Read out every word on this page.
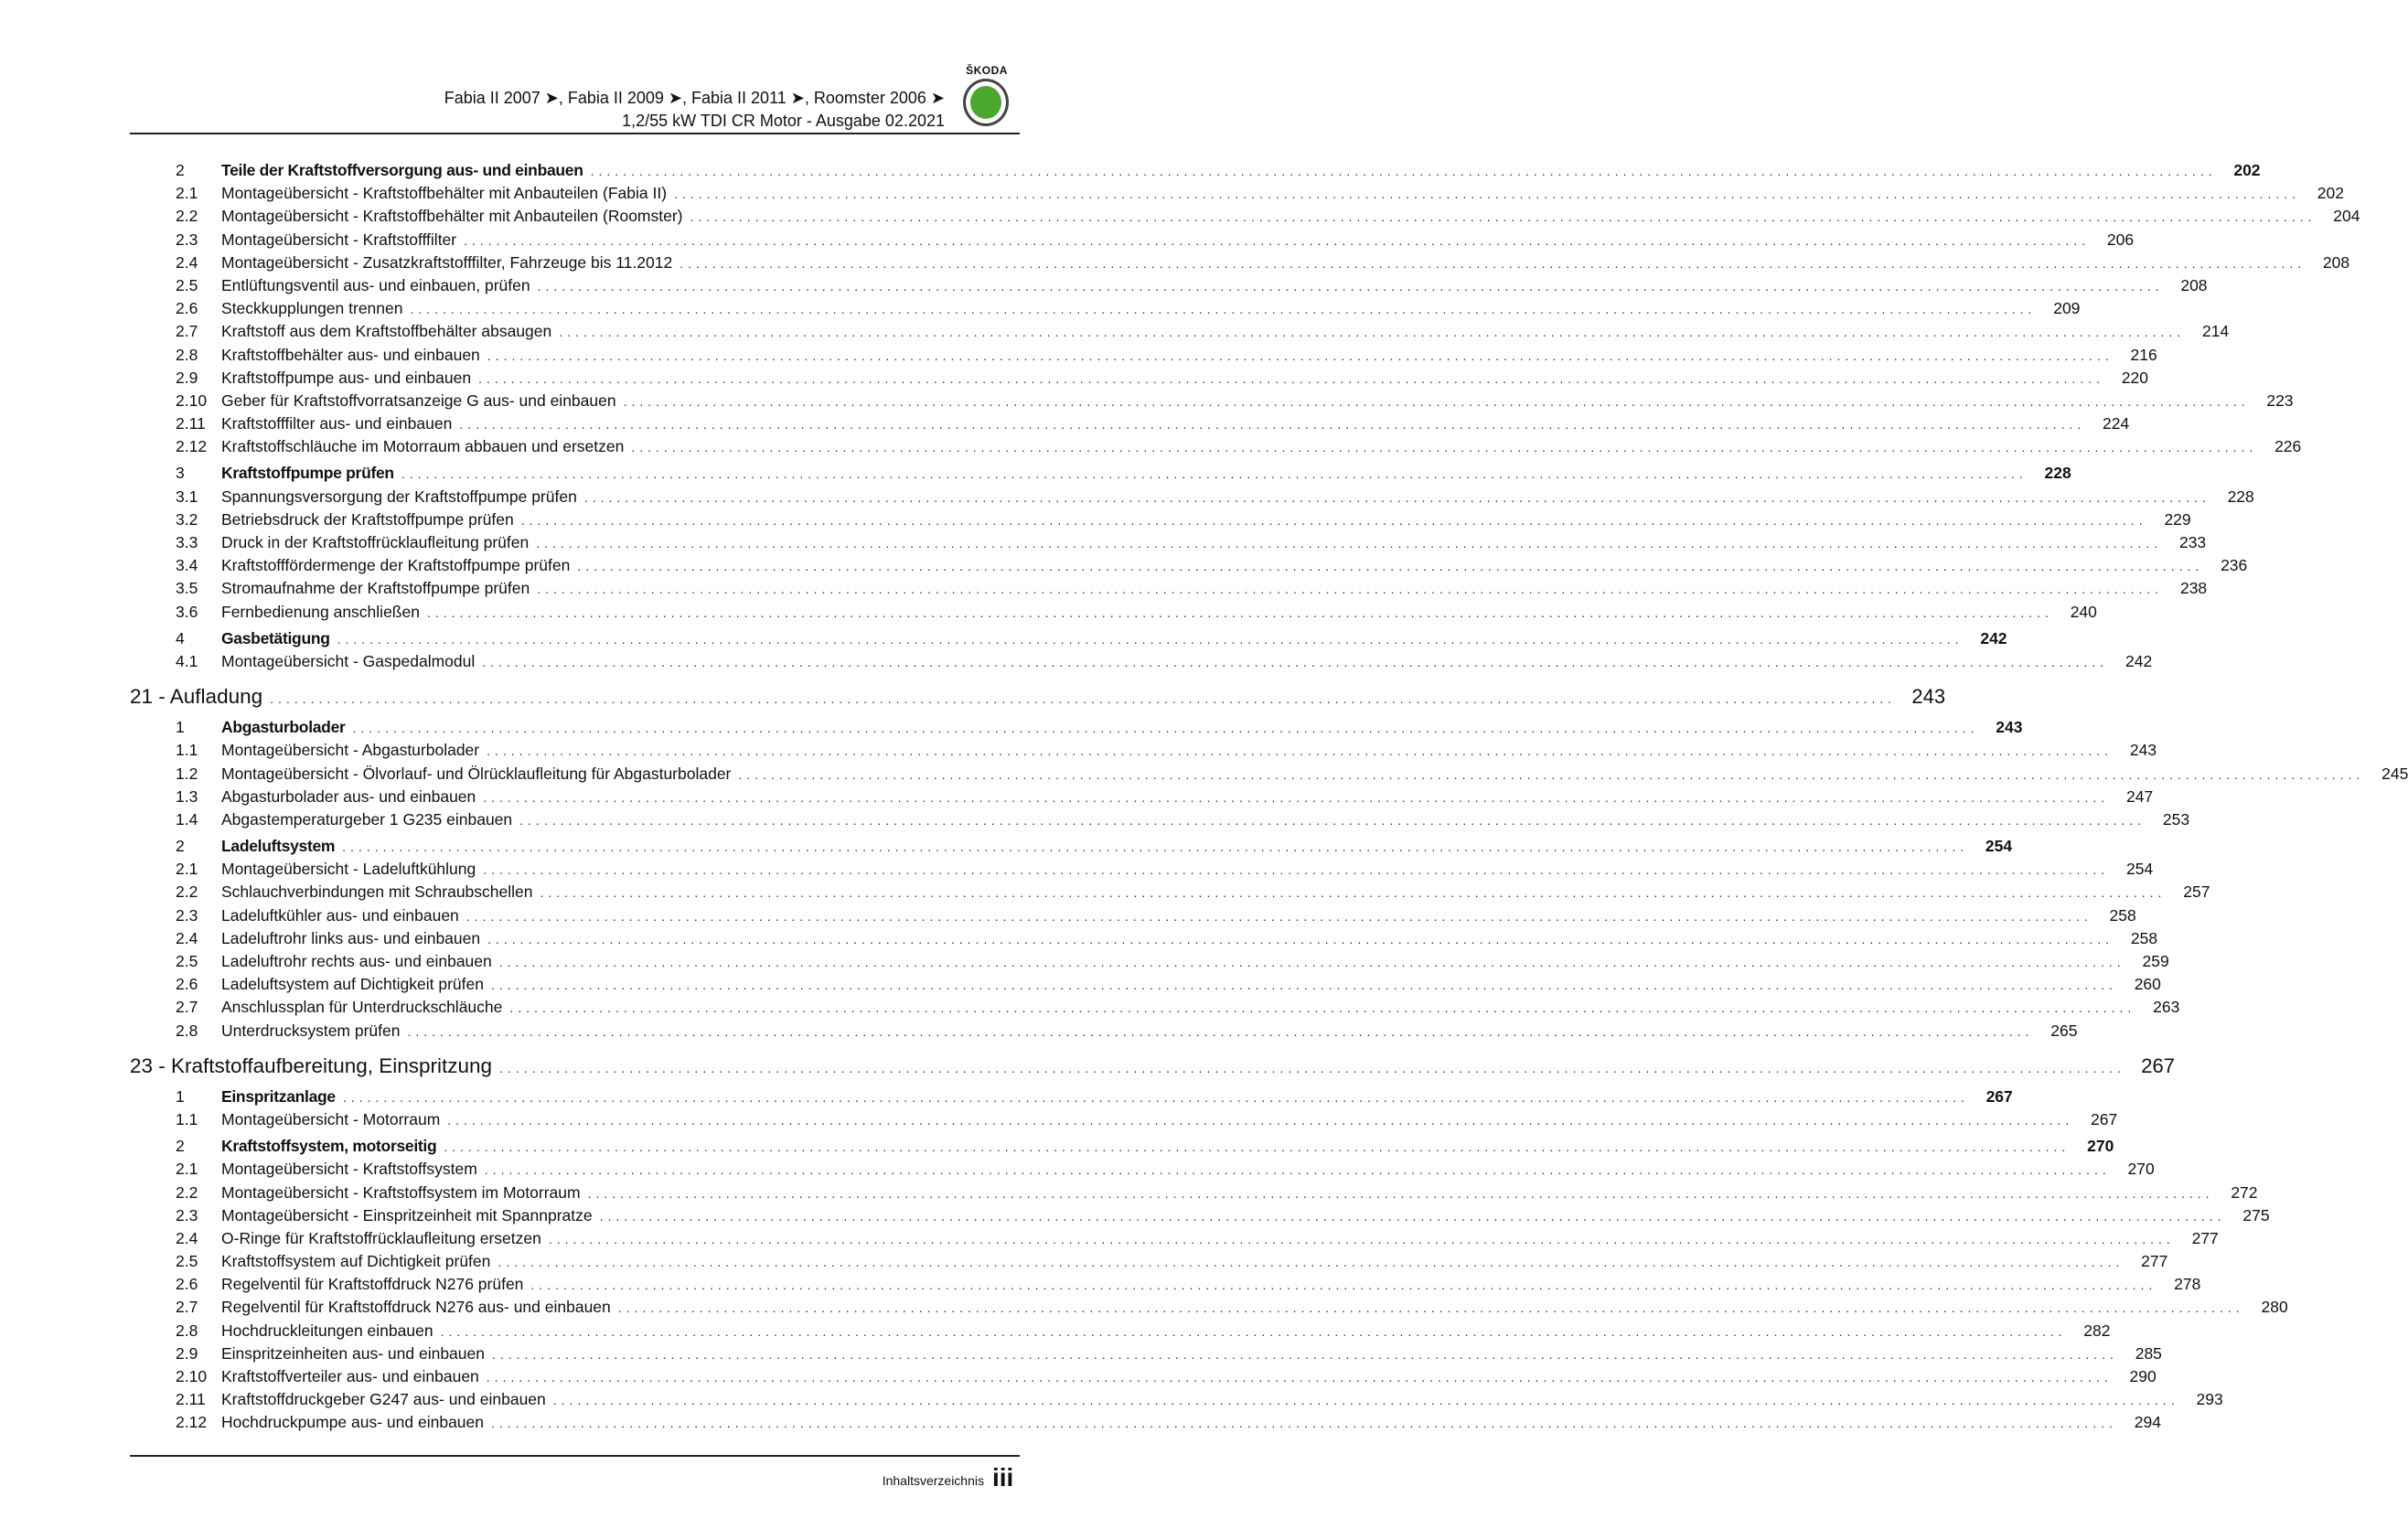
Fabia II 2007 ➤, Fabia II 2009 ➤, Fabia II 2011 ➤, Roomster 2006 ➤
1,2/55 kW TDI CR Motor - Ausgabe 02.2021
ŠKODA
2	Teile der Kraftstoffversorgung aus- und einbauen ........................................................................................................................................................................................................	202
2.1	Montageübersicht - Kraftstoffbehälter mit Anbauteilen (Fabia II) ........................................................................................................................................................................................................	202
2.2	Montageübersicht - Kraftstoffbehälter mit Anbauteilen (Roomster) ........................................................................................................................................................................................................	204
2.3	Montageübersicht - Kraftstofffilter ........................................................................................................................................................................................................	206
2.4	Montageübersicht - Zusatzkraftstofffilter, Fahrzeuge bis 11.2012 ........................................................................................................................................................................................................	208
2.5	Entlüftungsventil aus- und einbauen, prüfen ........................................................................................................................................................................................................	208
2.6	Steckkupplungen trennen ........................................................................................................................................................................................................	209
2.7	Kraftstoff aus dem Kraftstoffbehälter absaugen ........................................................................................................................................................................................................	214
2.8	Kraftstoffbehälter aus- und einbauen ........................................................................................................................................................................................................	216
2.9	Kraftstoffpumpe aus- und einbauen ........................................................................................................................................................................................................	220
2.10 Geber für Kraftstoffvorratsanzeige G aus- und einbauen ........................................................................................................................................................................................................	223
2.11 Kraftstofffilter aus- und einbauen ........................................................................................................................................................................................................	224
2.12 Kraftstoffschläuche im Motorraum abbauen und ersetzen ........................................................................................................................................................................................................	226
3	Kraftstoffpumpe prüfen ........................................................................................................................................................................................................	228
3.1	Spannungsversorgung der Kraftstoffpumpe prüfen ........................................................................................................................................................................................................	228
3.2	Betriebsdruck der Kraftstoffpumpe prüfen ........................................................................................................................................................................................................	229
3.3	Druck in der Kraftstoffrücklaufleitung prüfen ........................................................................................................................................................................................................	233
3.4	Kraftstofffördermenge der Kraftstoffpumpe prüfen ........................................................................................................................................................................................................	236
3.5	Stromaufnahme der Kraftstoffpumpe prüfen ........................................................................................................................................................................................................	238
3.6	Fernbedienung anschließen ........................................................................................................................................................................................................	240
4	Gasbetätigung ........................................................................................................................................................................................................	242
4.1	Montageübersicht - Gaspedalmodul ........................................................................................................................................................................................................	242
21 - Aufladung ........................................................................................................................................................................................................ 243
1	Abgasturbolader ........................................................................................................................................................................................................	243
1.1	Montageübersicht - Abgasturbolader ........................................................................................................................................................................................................	243
1.2	Montageübersicht - Ölvorlauf- und Ölrücklaufleitung für Abgasturbolader ........................................................................................................................................................................................................	245
1.3	Abgasturbolader aus- und einbauen ........................................................................................................................................................................................................	247
1.4	Abgastemperaturgeber 1 G235 einbauen ........................................................................................................................................................................................................	253
2	Ladeluftsystem ........................................................................................................................................................................................................	254
2.1	Montageübersicht - Ladeluftkühlung ........................................................................................................................................................................................................	254
2.2	Schlauchverbindungen mit Schraubschellen ........................................................................................................................................................................................................	257
2.3	Ladeluftkühler aus- und einbauen ........................................................................................................................................................................................................	258
2.4	Ladeluftrohr links aus- und einbauen ........................................................................................................................................................................................................	258
2.5	Ladeluftrohr rechts aus- und einbauen ........................................................................................................................................................................................................	259
2.6	Ladeluftsystem auf Dichtigkeit prüfen ........................................................................................................................................................................................................	260
2.7	Anschlussplan für Unterdruckschläuche ........................................................................................................................................................................................................	263
2.8	Unterdrucksystem prüfen ........................................................................................................................................................................................................	265
23 - Kraftstoffaufbereitung, Einspritzung ........................................................................................................................................................................................................ 267
1	Einspritzanlage ........................................................................................................................................................................................................	267
1.1	Montageübersicht - Motorraum ........................................................................................................................................................................................................	267
2	Kraftstoffsystem, motorseitig ........................................................................................................................................................................................................	270
2.1	Montageübersicht - Kraftstoffsystem ........................................................................................................................................................................................................	270
2.2	Montageübersicht - Kraftstoffsystem im Motorraum ........................................................................................................................................................................................................	272
2.3	Montageübersicht - Einspritzeinheit mit Spannpratze ........................................................................................................................................................................................................	275
2.4	O-Ringe für Kraftstoffrücklaufleitung ersetzen ........................................................................................................................................................................................................	277
2.5	Kraftstoffsystem auf Dichtigkeit prüfen ........................................................................................................................................................................................................	277
2.6	Regelventil für Kraftstoffdruck N276 prüfen ........................................................................................................................................................................................................	278
2.7	Regelventil für Kraftstoffdruck N276 aus- und einbauen ........................................................................................................................................................................................................	280
2.8	Hochdruckleitungen einbauen ........................................................................................................................................................................................................	282
2.9	Einspritzeinheiten aus- und einbauen ........................................................................................................................................................................................................	285
2.10 Kraftstoffverteiler aus- und einbauen ........................................................................................................................................................................................................	290
2.11 Kraftstoffdruckgeber G247 aus- und einbauen ........................................................................................................................................................................................................	293
2.12 Hochdruckpumpe aus- und einbauen ........................................................................................................................................................................................................	294
Inhaltsverzeichnis iii
